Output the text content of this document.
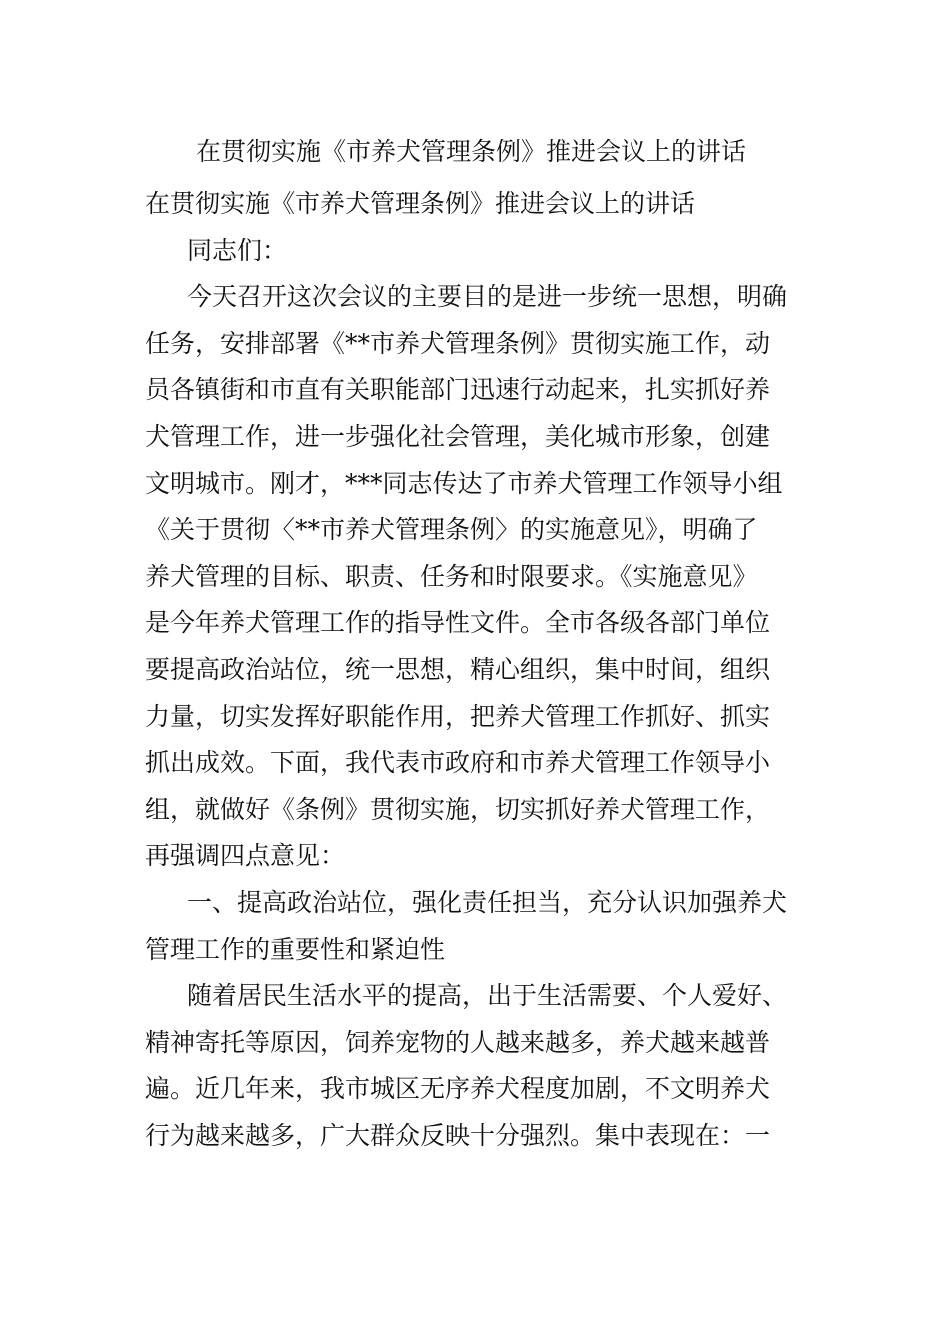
在贯彻实施《市养犬管理条例》推进会议上的讲话
在贯彻实施《市养犬管理条例》推进会议上的讲话
同志们：
今天召开这次会议的主要目的是进一步统一思想，明确
任务，安排部署《**市养犬管理条例》贯彻实施工作，动
员各镇街和市直有关职能部门迅速行动起来，扎实抓好养
犬管理工作，进一步强化社会管理，美化城市形象，创建
文明城市。刚才，***同志传达了市养犬管理工作领导小组
《关于贯彻〈**市养犬管理条例〉的实施意见》，明确了
养犬管理的目标、职责、任务和时限要求。《实施意见》
是今年养犬管理工作的指导性文件。全市各级各部门单位
要提高政治站位，统一思想，精心组织，集中时间，组织
力量，切实发挥好职能作用，把养犬管理工作抓好、抓实
抓出成效。下面，我代表市政府和市养犬管理工作领导小
组，就做好《条例》贯彻实施，切实抓好养犬管理工作，
再强调四点意见：
一、提高政治站位，强化责任担当，充分认识加强养犬
管理工作的重要性和紧迫性
随着居民生活水平的提高，出于生活需要、个人爱好、
精神寄托等原因，饲养宠物的人越来越多，养犬越来越普
遍。近几年来，我市城区无序养犬程度加剧，不文明养犬
行为越来越多，广大群众反映十分强烈。集中表现在：一
